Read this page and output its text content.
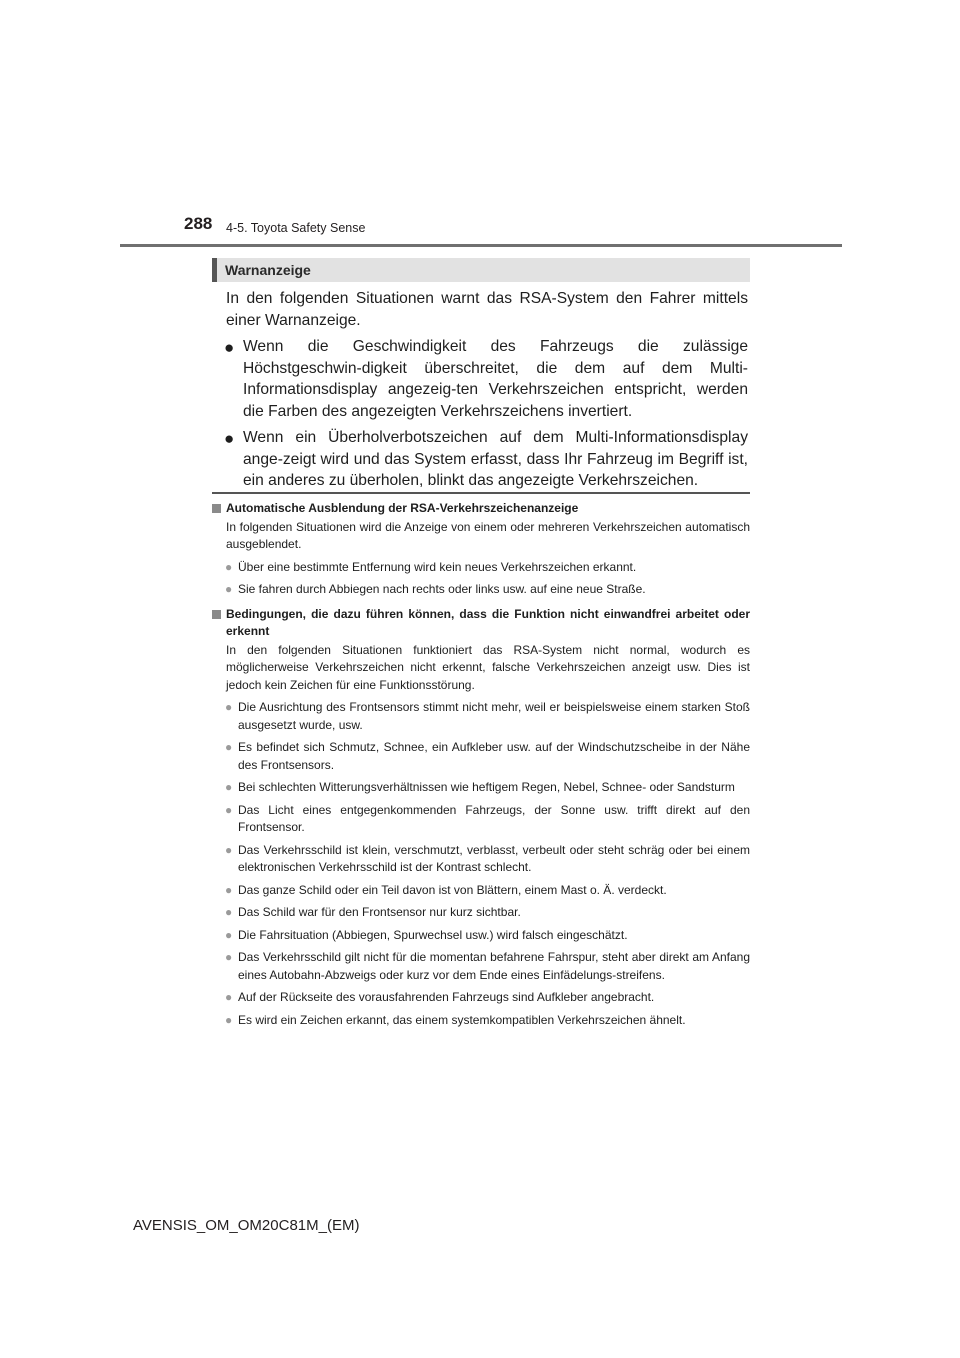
288 4-5. Toyota Safety Sense
Warnanzeige

In den folgenden Situationen warnt das RSA-System den Fahrer mittels einer Warnanzeige.

● Wenn die Geschwindigkeit des Fahrzeugs die zulässige Höchstgeschwin-digkeit überschreitet, die dem auf dem Multi-Informationsdisplay angezeig-ten Verkehrszeichen entspricht, werden die Farben des angezeigten Verkehrszeichens invertiert.
● Wenn ein Überholverbotszeichen auf dem Multi-Informationsdisplay ange-zeigt wird und das System erfasst, dass Ihr Fahrzeug im Begriff ist, ein anderes zu überholen, blinkt das angezeigte Verkehrszeichen.
Automatische Ausblendung der RSA-Verkehrszeichenanzeige
In folgenden Situationen wird die Anzeige von einem oder mehreren Verkehrszeichen automatisch ausgeblendet.
● Über eine bestimmte Entfernung wird kein neues Verkehrszeichen erkannt.
● Sie fahren durch Abbiegen nach rechts oder links usw. auf eine neue Straße.
Bedingungen, die dazu führen können, dass die Funktion nicht einwandfrei arbeitet oder erkennt
In den folgenden Situationen funktioniert das RSA-System nicht normal, wodurch es möglicherweise Verkehrszeichen nicht erkennt, falsche Verkehrszeichen anzeigt usw. Dies ist jedoch kein Zeichen für eine Funktionsstörung.
● Die Ausrichtung des Frontsensors stimmt nicht mehr, weil er beispielsweise einem starken Stoß ausgesetzt wurde, usw.
● Es befindet sich Schmutz, Schnee, ein Aufkleber usw. auf der Windschutzscheibe in der Nähe des Frontsensors.
● Bei schlechten Witterungsverhältnissen wie heftigem Regen, Nebel, Schnee- oder Sandsturm
● Das Licht eines entgegenkommenden Fahrzeugs, der Sonne usw. trifft direkt auf den Frontsensor.
● Das Verkehrsschild ist klein, verschmutzt, verblasst, verbeult oder steht schräg oder bei einem elektronischen Verkehrsschild ist der Kontrast schlecht.
● Das ganze Schild oder ein Teil davon ist von Blättern, einem Mast o. Ä. verdeckt.
● Das Schild war für den Frontsensor nur kurz sichtbar.
● Die Fahrsituation (Abbiegen, Spurwechsel usw.) wird falsch eingeschätzt.
● Das Verkehrsschild gilt nicht für die momentan befahrene Fahrspur, steht aber direkt am Anfang eines Autobahn-Abzweigs oder kurz vor dem Ende eines Einfädelungs-streifens.
● Auf der Rückseite des vorausfahrenden Fahrzeugs sind Aufkleber angebracht.
● Es wird ein Zeichen erkannt, das einem systemkompatiblen Verkehrszeichen ähnelt.
AVENSIS_OM_OM20C81M_(EM)
